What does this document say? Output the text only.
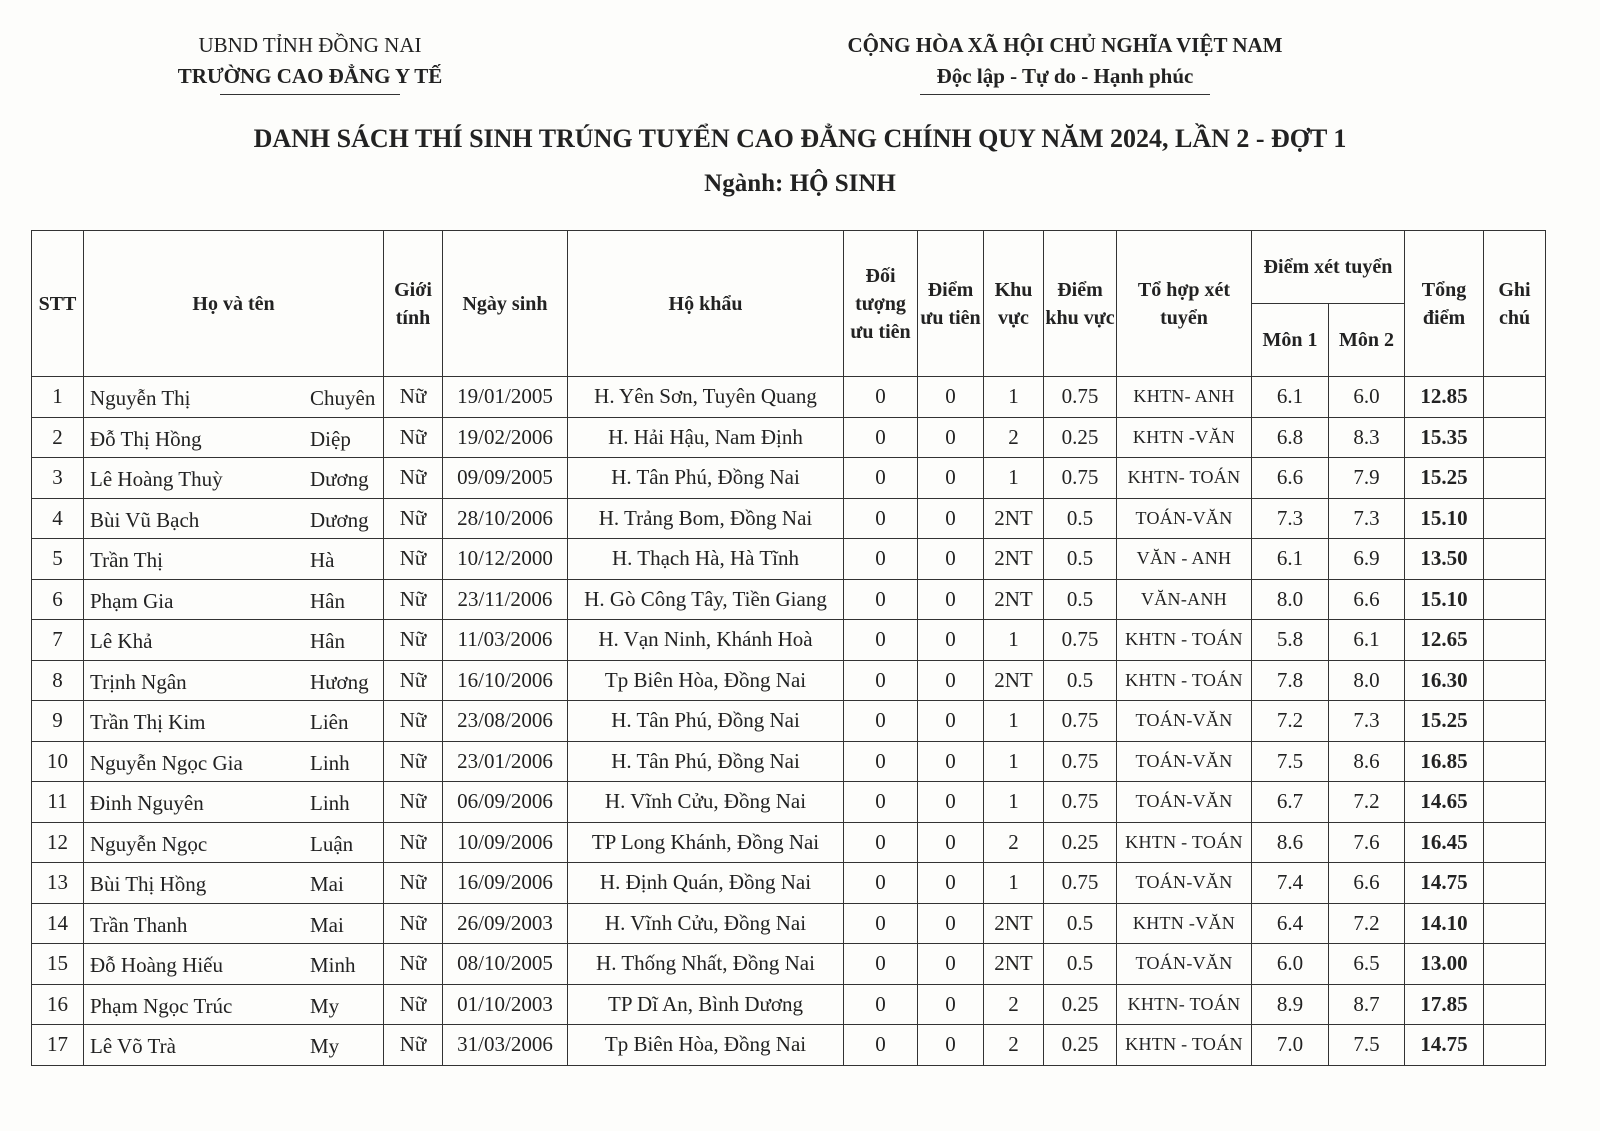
UBND TỈNH ĐỒNG NAI
TRƯỜNG CAO ĐẲNG Y TẾ
CỘNG HÒA XÃ HỘI CHỦ NGHĨA VIỆT NAM
Độc lập - Tự do - Hạnh phúc
DANH SÁCH THÍ SINH TRÚNG TUYỂN CAO ĐẲNG CHÍNH QUY NĂM 2024, LẦN 2 - ĐỢT 1
Ngành: HỘ SINH
STT	Họ và tên	Giới tính	Ngày sinh	Hộ khẩu	Đối tượng ưu tiên	Điểm ưu tiên	Khu vực	Điểm khu vực	Tổ hợp xét tuyển	Điểm xét tuyển		Tổng điểm	Ghi chú
										Môn 1	Môn 2		
1	Nguyễn Thị Chuyên	Nữ	19/01/2005	H. Yên Sơn, Tuyên Quang	0	0	1	0.75	KHTN- ANH	6.1	6.0	12.85	
2	Đỗ Thị Hồng Diệp	Nữ	19/02/2006	H. Hải Hậu, Nam Định	0	0	2	0.25	KHTN -VĂN	6.8	8.3	15.35	
3	Lê Hoàng Thuỳ Dương	Nữ	09/09/2005	H. Tân Phú, Đồng Nai	0	0	1	0.75	KHTN- TOÁN	6.6	7.9	15.25	
4	Bùi Vũ Bạch Dương	Nữ	28/10/2006	H. Trảng Bom, Đồng Nai	0	0	2NT	0.5	TOÁN-VĂN	7.3	7.3	15.10	
5	Trần Thị Hà	Nữ	10/12/2000	H. Thạch Hà, Hà Tĩnh	0	0	2NT	0.5	VĂN - ANH	6.1	6.9	13.50	
6	Phạm Gia Hân	Nữ	23/11/2006	H. Gò Công Tây, Tiền Giang	0	0	2NT	0.5	VĂN-ANH	8.0	6.6	15.10	
7	Lê Khả Hân	Nữ	11/03/2006	H. Vạn Ninh, Khánh Hoà	0	0	1	0.75	KHTN - TOÁN	5.8	6.1	12.65	
8	Trịnh Ngân Hương	Nữ	16/10/2006	Tp Biên Hòa, Đồng Nai	0	0	2NT	0.5	KHTN - TOÁN	7.8	8.0	16.30	
9	Trần Thị Kim Liên	Nữ	23/08/2006	H. Tân Phú, Đồng Nai	0	0	1	0.75	TOÁN-VĂN	7.2	7.3	15.25	
10	Nguyễn Ngọc Gia Linh	Nữ	23/01/2006	H. Tân Phú, Đồng Nai	0	0	1	0.75	TOÁN-VĂN	7.5	8.6	16.85	
11	Đinh Nguyên Linh	Nữ	06/09/2006	H. Vĩnh Cửu, Đồng Nai	0	0	1	0.75	TOÁN-VĂN	6.7	7.2	14.65	
12	Nguyễn Ngọc Luận	Nữ	10/09/2006	TP Long Khánh, Đồng Nai	0	0	2	0.25	KHTN - TOÁN	8.6	7.6	16.45	
13	Bùi Thị Hồng Mai	Nữ	16/09/2006	H. Định Quán, Đồng Nai	0	0	1	0.75	TOÁN-VĂN	7.4	6.6	14.75	
14	Trần Thanh Mai	Nữ	26/09/2003	H. Vĩnh Cửu, Đồng Nai	0	0	2NT	0.5	KHTN -VĂN	6.4	7.2	14.10	
15	Đỗ Hoàng Hiếu Minh	Nữ	08/10/2005	H. Thống Nhất, Đồng Nai	0	0	2NT	0.5	TOÁN-VĂN	6.0	6.5	13.00	
16	Phạm Ngọc Trúc My	Nữ	01/10/2003	TP Dĩ An, Bình Dương	0	0	2	0.25	KHTN- TOÁN	8.9	8.7	17.85	
17	Lê Võ Trà My	Nữ	31/03/2006	Tp Biên Hòa, Đồng Nai	0	0	2	0.25	KHTN - TOÁN	7.0	7.5	14.75	
